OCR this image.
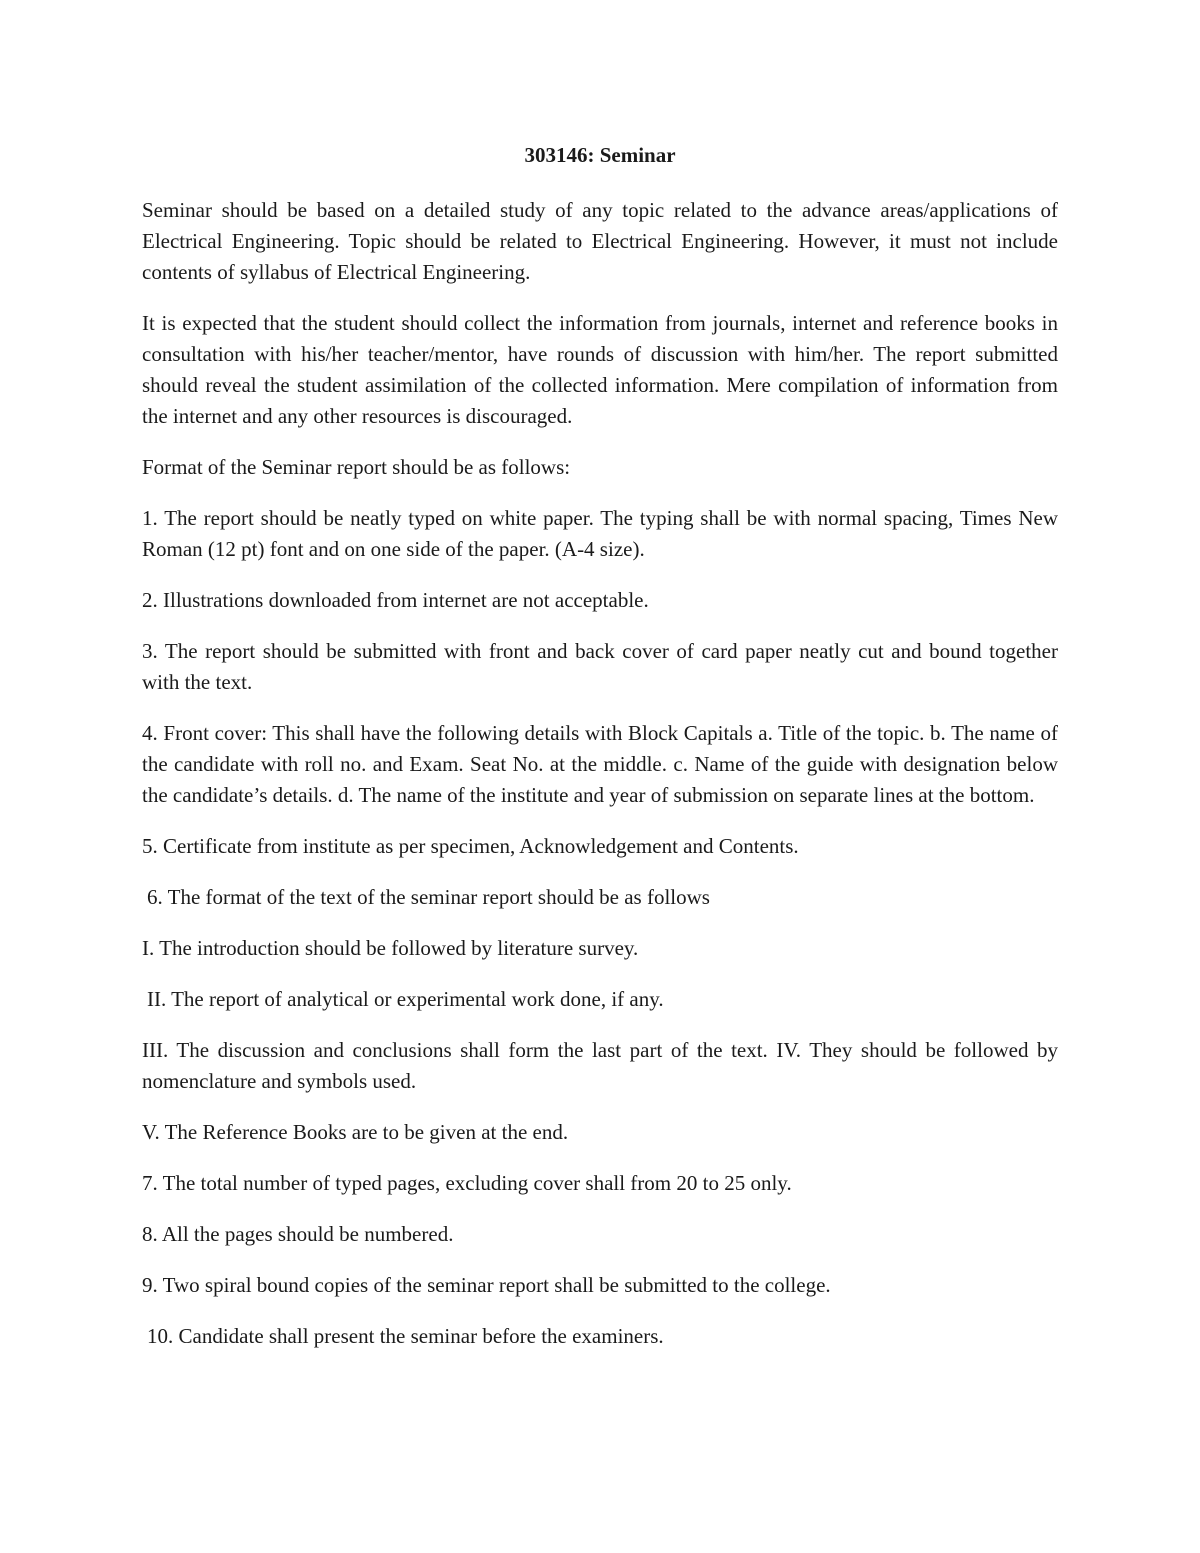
303146: Seminar

Seminar should be based on a detailed study of any topic related to the advance areas/applications of Electrical Engineering. Topic should be related to Electrical Engineering. However, it must not include contents of syllabus of Electrical Engineering.

It is expected that the student should collect the information from journals, internet and reference books in consultation with his/her teacher/mentor, have rounds of discussion with him/her. The report submitted should reveal the student assimilation of the collected information. Mere compilation of information from the internet and any other resources is discouraged.

Format of the Seminar report should be as follows:

1. The report should be neatly typed on white paper. The typing shall be with normal spacing, Times New Roman (12 pt) font and on one side of the paper. (A-4 size).

2. Illustrations downloaded from internet are not acceptable.

3. The report should be submitted with front and back cover of card paper neatly cut and bound together with the text.

4. Front cover: This shall have the following details with Block Capitals a. Title of the topic. b. The name of the candidate with roll no. and Exam. Seat No. at the middle. c. Name of the guide with designation below the candidate’s details. d. The name of the institute and year of submission on separate lines at the bottom.

5. Certificate from institute as per specimen, Acknowledgement and Contents.

6. The format of the text of the seminar report should be as follows

I. The introduction should be followed by literature survey.

II. The report of analytical or experimental work done, if any.

III. The discussion and conclusions shall form the last part of the text. IV. They should be followed by nomenclature and symbols used.

V. The Reference Books are to be given at the end.

7. The total number of typed pages, excluding cover shall from 20 to 25 only.

8. All the pages should be numbered.

9. Two spiral bound copies of the seminar report shall be submitted to the college.

10. Candidate shall present the seminar before the examiners.
